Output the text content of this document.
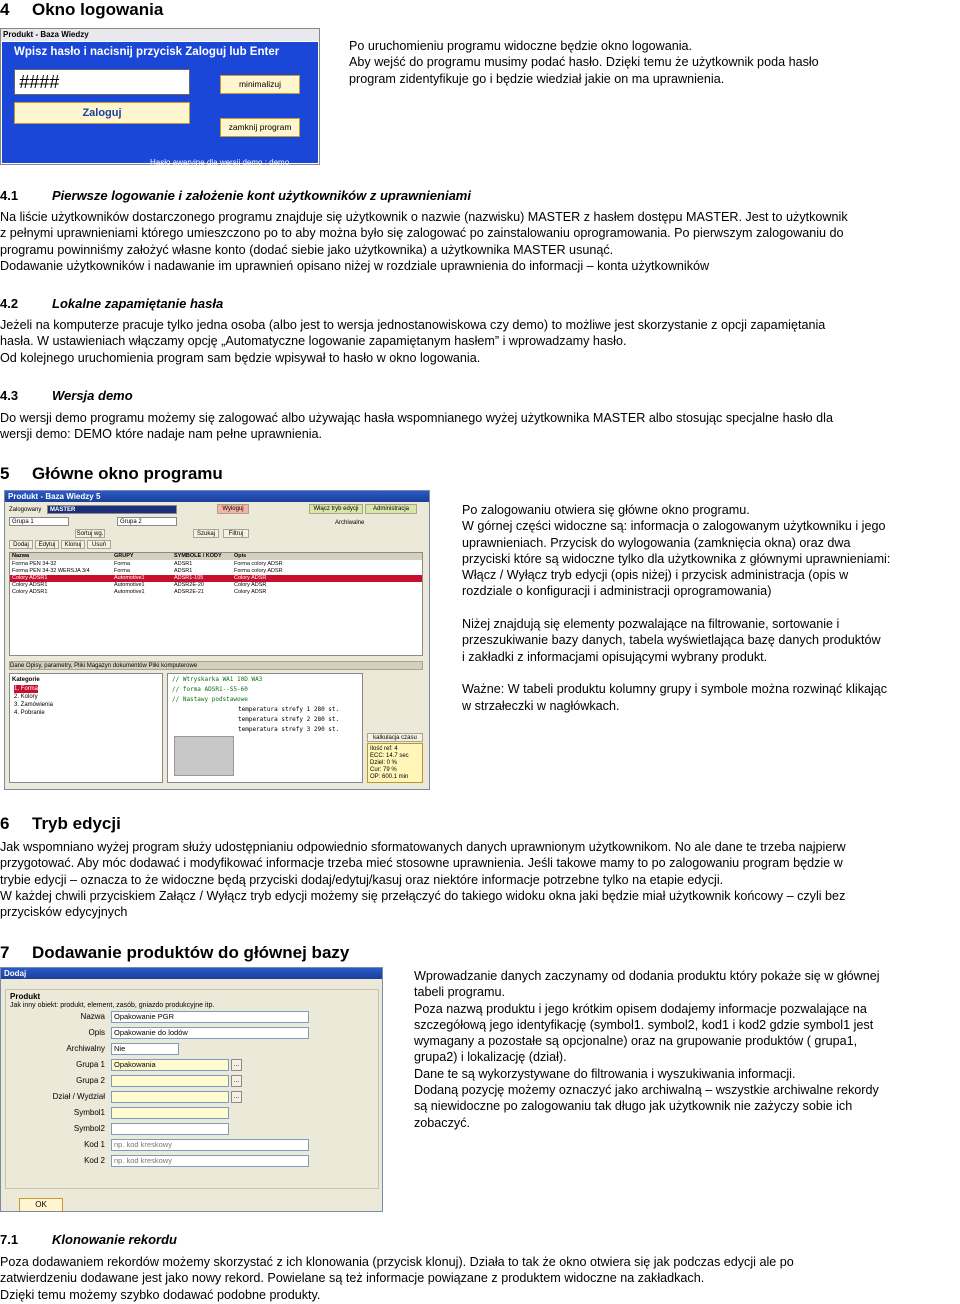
4 Okno logowania
Produkt - Baza Wiedzy
Wpisz hasło i nacisnij przycisk Zaloguj lub Enter
####	minimalizuj
Zaloguj
zamknij program
Hasło awaryjne dla wersji demo : demo
Po uruchomieniu programu widoczne będzie okno logowania.
Aby wejść do programu musimy podać hasło. Dzięki temu że użytkownik poda hasło
program zidentyfikuje go i będzie wiedział jakie on ma uprawnienia.
4.1	Pierwsze logowanie i założenie kont użytkowników z uprawnieniami
Na liście użytkowników dostarczonego programu znajduje się użytkownik o nazwie (nazwisku) MASTER z hasłem dostępu MASTER. Jest to użytkownik
z pełnymi uprawnieniami którego umieszczono po to aby można było się zalogować po zainstalowaniu oprogramowania. Po pierwszym zalogowaniu do
programu powinniśmy założyć własne konto (dodać siebie jako użytkownika) a użytkownika MASTER usunąć.
Dodawanie użytkowników i nadawanie im uprawnień opisano niżej w rozdziale uprawnienia do informacji – konta użytkowników
4.2	Lokalne zapamiętanie hasła
Jeżeli na komputerze pracuje tylko jedna osoba (albo jest to wersja jednostanowiskowa czy demo) to możliwe jest skorzystanie z opcji zapamiętania
hasła. W ustawieniach włączamy opcję „Automatyczne logowanie zapamiętanym hasłem” i wprowadzamy hasło.
Od kolejnego uruchomienia program sam będzie wpisywał to hasło w okno logowania.
4.3	Wersja demo
Do wersji demo programu możemy się zalogować albo używając hasła wspomnianego wyżej użytkownika MASTER albo stosując specjalne hasło dla
wersji demo: DEMO które nadaje nam pełne uprawnienia.
5 Główne okno programu
Produkt - Baza Wiedzy 5
Zalogowany	MASTER	Wyloguj	Włącz tryb edycji	Administracja
Grupa 1	Grupa 2
Sortuj wg.	Szukaj	Filtruj
Archiwalne
Dodaj	Edytuj	Klonuj	Usuń
Nazwa	GRUPY	SYMBOLE / KODY	Opis
Forma PEN 34-32	Forma	ADSR1	Forma colory ADSR
Forma PEN 34-32 WERSJA 3/4	Forma	ADSR1	Forma colory ADSR
Colory ADSR1	Automotive1	ADSR1-105	Colory ADSR
Colory ADSR1	Automotive1	ADSR2E-20	Colory ADSR
Colory ADSR1	Automotive1	ADSR2E-21	Colory ADSR
Dane Opisy, parametry, Pliki Magazyn dokumentów Pliki komputerowe
Kategorie
1. Forma
2. Kolory
3. Zamówienia
4. Pobranie
// Wtryskarka WA1 10D WA3
// forma ADSR1--S5-60
// Nastawy podstawowe
temperatura strefy 1 280 st.
temperatura strefy 2 280 st.
temperatura strefy 3 290 st.
Ilość ref: 4
ECC: 14.7 sec
Dziel: 0 %
Cur: 79 %
OP: 600.1 min
kalkulacja czasu
Po zalogowaniu otwiera się główne okno programu.
W górnej części widoczne są: informacja o zalogowanym użytkowniku i jego
uprawnieniach. Przycisk do wylogowania (zamknięcia okna) oraz dwa
przyciski które są widoczne tylko dla użytkownika z głównymi uprawnieniami:
Włącz / Wyłącz tryb edycji (opis niżej) i przycisk administracja (opis w
rozdziale o konfiguracji i administracji oprogramowania)
Niżej znajdują się elementy pozwalające na filtrowanie, sortowanie i
przeszukiwanie bazy danych, tabela wyświetlająca bazę danych produktów
i zakładki z informacjami opisującymi wybrany produkt.
Ważne: W tabeli produktu kolumny grupy i symbole można rozwinąć klikając
w strzałeczki w nagłówkach.
6 Tryb edycji
Jak wspomniano wyżej program służy udostępnianiu odpowiednio sformatowanych danych uprawnionym użytkownikom. No ale dane te trzeba najpierw
przygotować. Aby móc dodawać i modyfikować informacje trzeba mieć stosowne uprawnienia. Jeśli takowe mamy to po zalogowaniu program będzie w
trybie edycji – oznacza to że widoczne będą przyciski dodaj/edytuj/kasuj oraz niektóre informacje potrzebne tylko na etapie edycji.
W każdej chwili przyciskiem Załącz / Wyłącz tryb edycji możemy się przełączyć do takiego widoku okna jaki będzie miał użytkownik końcowy – czyli bez
przycisków edycyjnych
7 Dodawanie produktów do głównej bazy
Dodaj
Produkt
Jak inny obiekt: produkt, element, zasób, gniazdo produkcyjne itp.
Nazwa	Opakowanie PGR
Opis	Opakowanie do lodów
Archiwalny	Nie
Grupa 1	Opakowania	…
Grupa 2	…
Dział / Wydział	…
Symbol1
Symbol2
Kod 1	np. kod kreskowy
Kod 2	np. kod kreskowy
OK
Wprowadzanie danych zaczynamy od dodania produktu który pokaże się w głównej
tabeli programu.
Poza nazwą produktu i jego krótkim opisem dodajemy informacje pozwalające na
szczegółową jego identyfikację (symbol1. symbol2, kod1 i kod2 gdzie symbol1 jest
wymagany a pozostałe są opcjonalne) oraz na grupowanie produktów ( grupa1,
grupa2) i lokalizację (dział).
Dane te są wykorzystywane do filtrowania i wyszukiwania informacji.
Dodaną pozycję możemy oznaczyć jako archiwalną – wszystkie archiwalne rekordy
są niewidoczne po zalogowaniu tak długo jak użytkownik nie zażyczy sobie ich
zobaczyć.
7.1	Klonowanie rekordu
Poza dodawaniem rekordów możemy skorzystać z ich klonowania (przycisk klonuj). Działa to tak że okno otwiera się jak podczas edycji ale po
zatwierdzeniu dodawane jest jako nowy rekord. Powielane są też informacje powiązane z produktem widoczne na zakładkach.
Dzięki temu możemy szybko dodawać podobne produkty.
